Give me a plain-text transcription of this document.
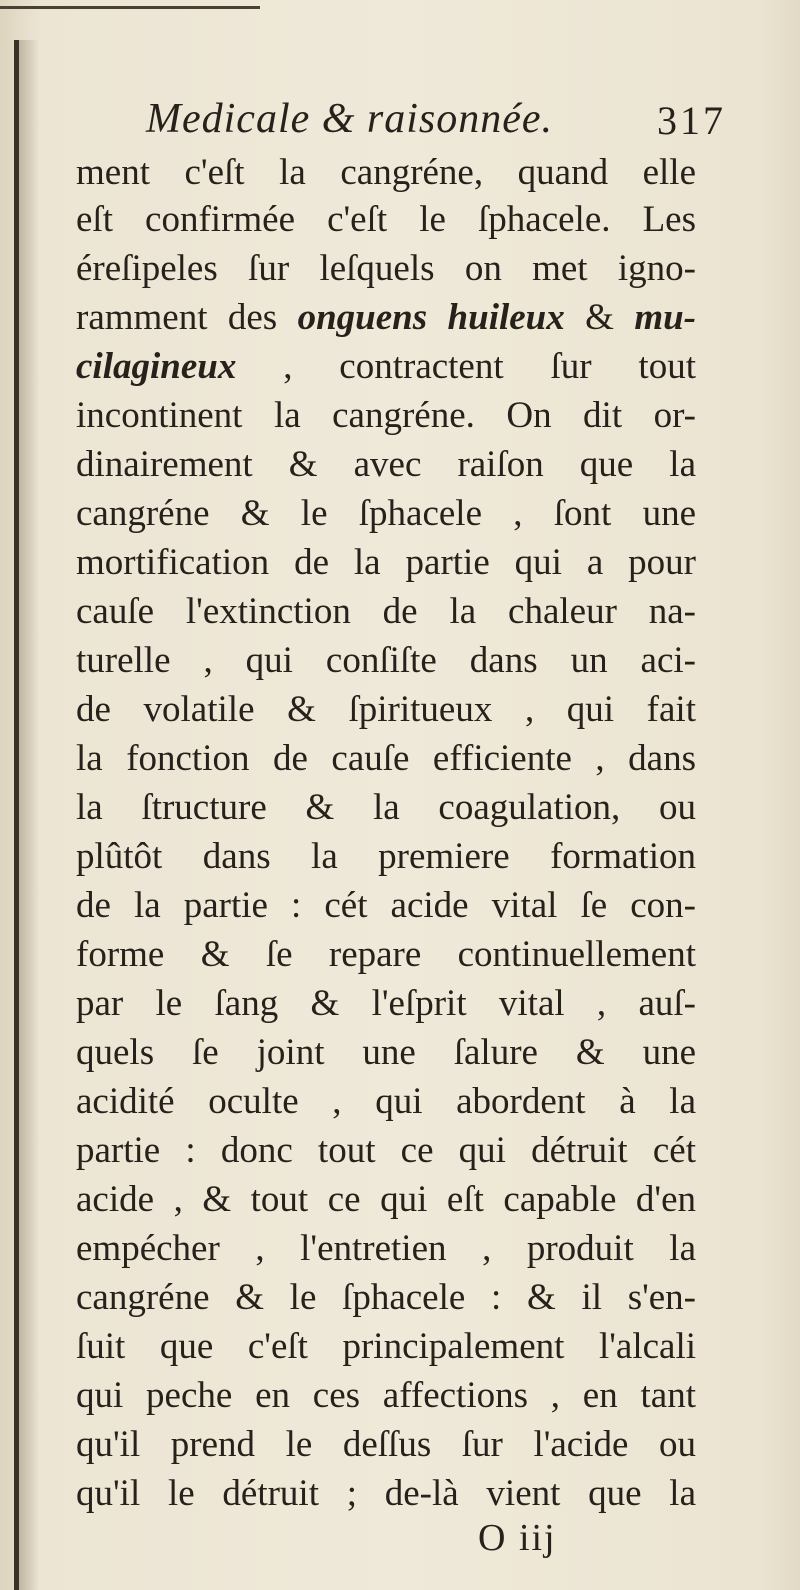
Medicale & raisonnée.	317
ment c'eſt la cangréne, quand elle
eſt confirmée c'eſt le ſphacele. Les
éreſipeles ſur leſquels on met igno-
ramment des onguens huileux & mu-
cilagineux , contractent ſur tout
incontinent la cangréne. On dit or-
dinairement & avec raiſon que la
cangréne & le ſphacele , ſont une
mortification de la partie qui a pour
cauſe l'extinction de la chaleur na-
turelle , qui conſiſte dans un aci-
de volatile & ſpiritueux , qui fait
la fonction de cauſe efficiente , dans
la ſtructure & la coagulation, ou
plûtôt dans la premiere formation
de la partie : cét acide vital ſe con-
forme & ſe repare continuellement
par le ſang & l'eſprit vital , auſ-
quels ſe joint une ſalure & une
acidité oculte , qui abordent à la
partie : donc tout ce qui détruit cét
acide , & tout ce qui eſt capable d'en
empécher , l'entretien , produit la
cangréne & le ſphacele : & il s'en-
ſuit que c'eſt principalement l'alcali
qui peche en ces affections , en tant
qu'il prend le deſſus ſur l'acide ou
qu'il le détruit ; de-là vient que la
O iij
